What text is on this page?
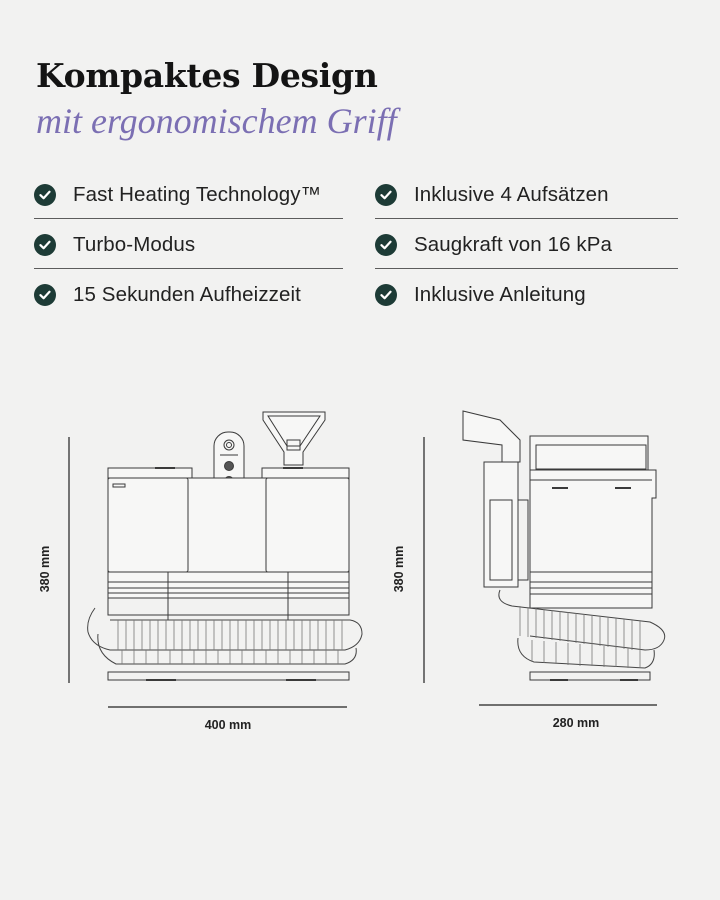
Kompaktes Design
mit ergonomischem Griff
Fast Heating Technology™
Turbo-Modus
15 Sekunden Aufheizzeit
Inklusive 4 Aufsätzen
Saugkraft von 16 kPa
Inklusive Anleitung
380 mm
400 mm
380 mm
280 mm
